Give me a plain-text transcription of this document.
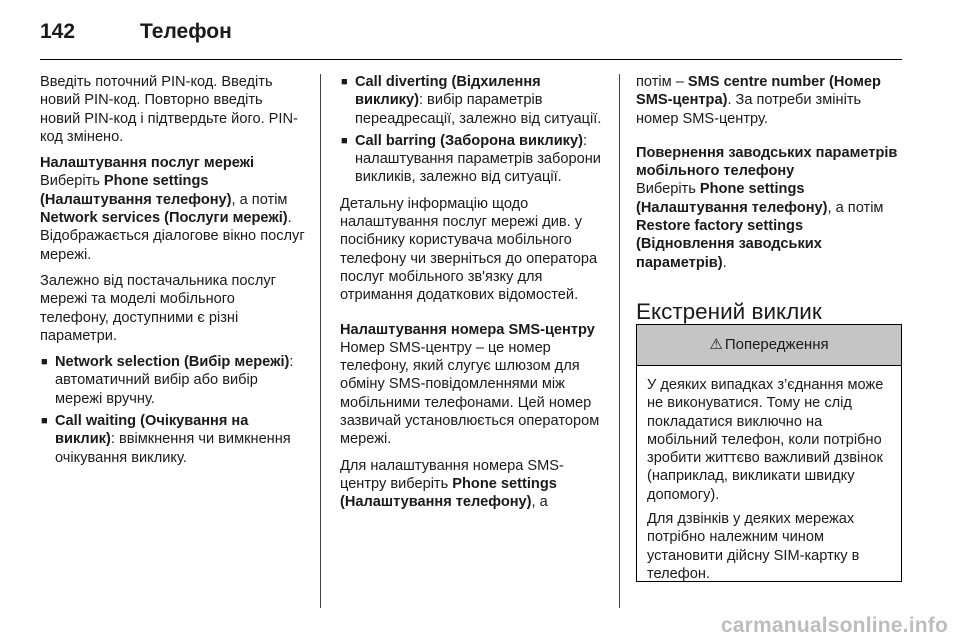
142	Телефон

Введіть поточний PIN-код. Введіть новий PIN-код. Повторно введіть новий PIN-код і підтвердьте його. PIN-код змінено.

Налаштування послуг мережі

Виберіть Phone settings (Налаштування телефону), а потім Network services (Послуги мережі). Відображається діалогове вікно послуг мережі.

Залежно від постачальника послуг мережі та моделі мобільного телефону, доступними є різні параметри.

■ Network selection (Вибір мережі): автоматичний вибір або вибір мережі вручну.
■ Call waiting (Очікування на виклик): ввімкнення чи вимкнення очікування виклику.
■ Call diverting (Відхилення виклику): вибір параметрів переадресації, залежно від ситуації.
■ Call barring (Заборона виклику): налаштування параметрів заборони викликів, залежно від ситуації.

Детальну інформацію щодо налаштування послуг мережі див. у посібнику користувача мобільного телефону чи зверніться до оператора послуг мобільного зв'язку для отримання додаткових відомостей.

Налаштування номера SMS-центру

Номер SMS-центру – це номер телефону, який слугує шлюзом для обміну SMS-повідомленнями між мобільними телефонами. Цей номер зазвичай установлюється оператором мережі.

Для налаштування номера SMS-центру виберіть Phone settings (Налаштування телефону), а

потім – SMS centre number (Номер SMS-центра). За потреби змініть номер SMS-центру.

Повернення заводських параметрів мобільного телефону

Виберіть Phone settings (Налаштування телефону), а потім Restore factory settings (Відновлення заводських параметрів).

Екстрений виклик
⚠ Попередження

У деяких випадках з’єднання може не виконуватися. Тому не слід покладатися виключно на мобільний телефон, коли потрібно зробити життєво важливий дзвінок (наприклад, викликати швидку допомогу).

Для дзвінків у деяких мережах потрібно належним чином установити дійсну SIM-картку в телефон.

carmanualsonline.info
